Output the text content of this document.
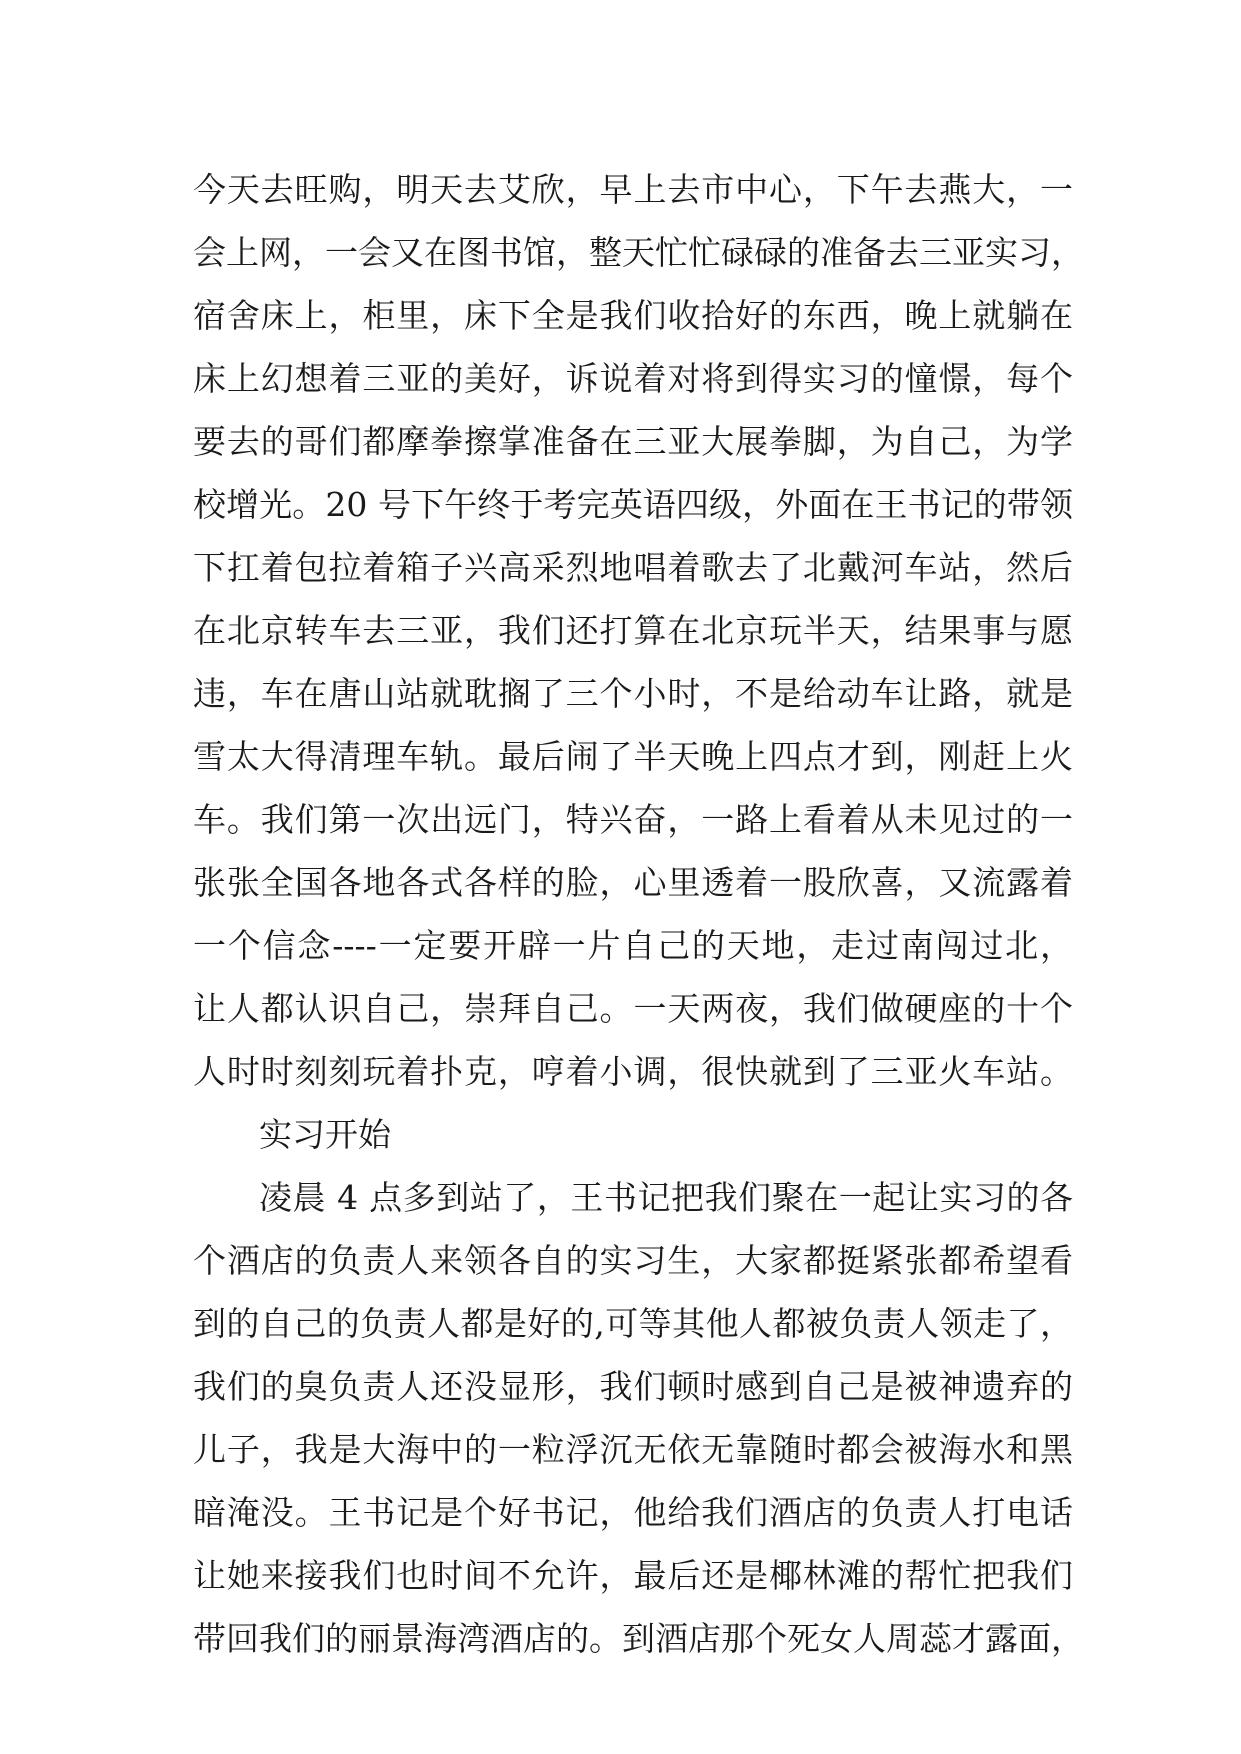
今天去旺购，明天去艾欣，早上去市中心，下午去燕大，一
会上网，一会又在图书馆，整天忙忙碌碌的准备去三亚实习，
宿舍床上，柜里，床下全是我们收拾好的东西，晚上就躺在
床上幻想着三亚的美好，诉说着对将到得实习的憧憬，每个
要去的哥们都摩拳擦掌准备在三亚大展拳脚，为自己，为学
校增光。20 号下午终于考完英语四级，外面在王书记的带领
下扛着包拉着箱子兴高采烈地唱着歌去了北戴河车站，然后
在北京转车去三亚，我们还打算在北京玩半天，结果事与愿
违，车在唐山站就耽搁了三个小时，不是给动车让路，就是
雪太大得清理车轨。最后闹了半天晚上四点才到，刚赶上火
车。我们第一次出远门，特兴奋，一路上看着从未见过的一
张张全国各地各式各样的脸，心里透着一股欣喜，又流露着
一个信念----一定要开辟一片自己的天地，走过南闯过北，
让人都认识自己，崇拜自己。一天两夜，我们做硬座的十个
人时时刻刻玩着扑克，哼着小调，很快就到了三亚火车站。
实习开始
凌晨 4 点多到站了，王书记把我们聚在一起让实习的各
个酒店的负责人来领各自的实习生，大家都挺紧张都希望看
到的自己的负责人都是好的,可等其他人都被负责人领走了，
我们的臭负责人还没显形，我们顿时感到自己是被神遗弃的
儿子，我是大海中的一粒浮沉无依无靠随时都会被海水和黑
暗淹没。王书记是个好书记，他给我们酒店的负责人打电话
让她来接我们也时间不允许，最后还是椰林滩的帮忙把我们
带回我们的丽景海湾酒店的。到酒店那个死女人周蕊才露面，
